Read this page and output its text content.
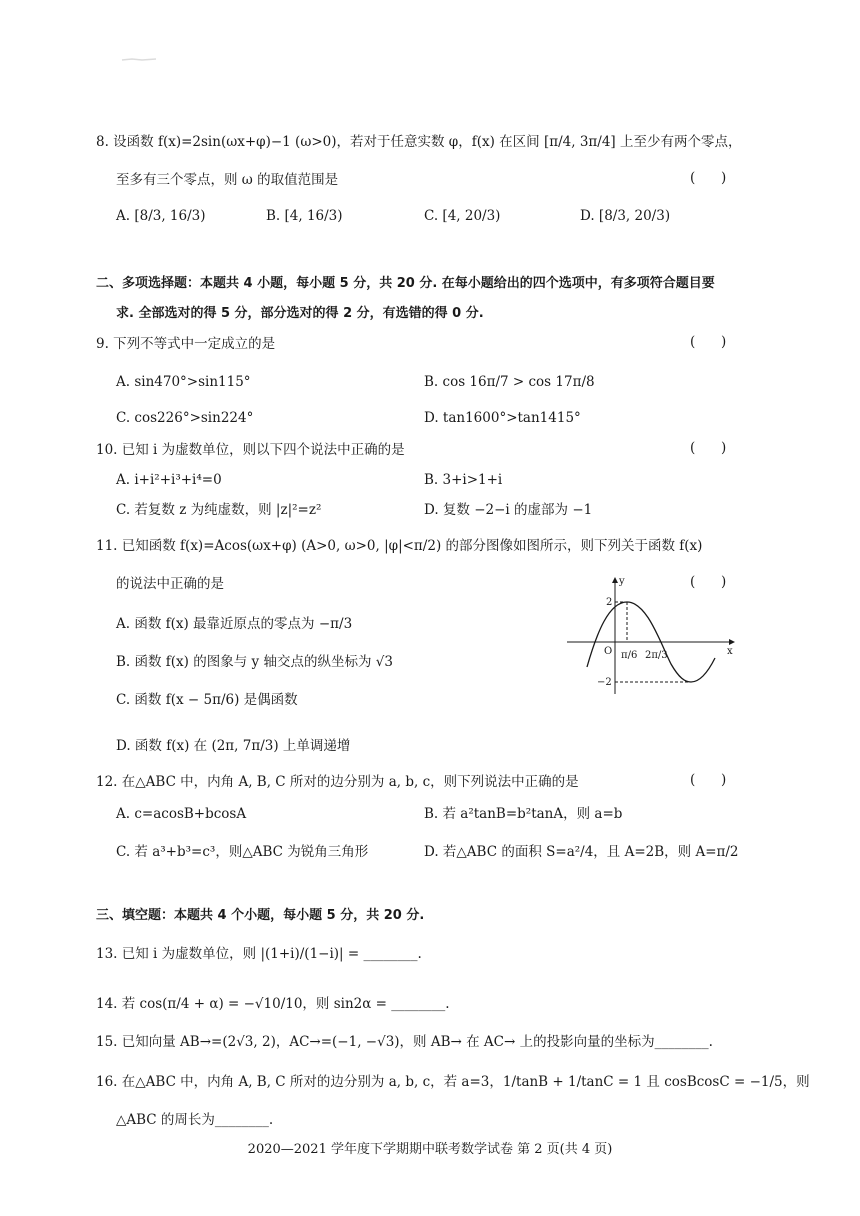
8. 设函数 f(x)=2sin(ωx+φ)−1 (ω>0)，若对于任意实数 φ，f(x) 在区间 [π/4, 3π/4] 上至少有两个零点，
至多有三个零点，则 ω 的取值范围是	(      )
A. [8/3, 16/3)	B. [4, 16/3)	C. [4, 20/3)	D. [8/3, 20/3)
二、多项选择题：本题共 4 小题，每小题 5 分，共 20 分. 在每小题给出的四个选项中，有多项符合题目要
求. 全部选对的得 5 分，部分选对的得 2 分，有选错的得 0 分.
9. 下列不等式中一定成立的是	(      )
A. sin470°>sin115°	B. cos 16π/7 > cos 17π/8
C. cos226°>sin224°	D. tan1600°>tan1415°
10. 已知 i 为虚数单位，则以下四个说法中正确的是	(      )
A. i+i²+i³+i⁴=0	B. 3+i>1+i
C. 若复数 z 为纯虚数，则 |z|²=z²	D. 复数 −2−i 的虚部为 −1
11. 已知函数 f(x)=Acos(ωx+φ) (A>0, ω>0, |φ|<π/2) 的部分图像如图所示，则下列关于函数 f(x)
的说法中正确的是	(      )
A. 函数 f(x) 最靠近原点的零点为 −π/3
B. 函数 f(x) 的图象与 y 轴交点的纵坐标为 √3
C. 函数 f(x − 5π/6) 是偶函数
D. 函数 f(x) 在 (2π, 7π/3) 上单调递增
y
x
O
2
−2
π/6 2π/3
12. 在△ABC 中，内角 A, B, C 所对的边分别为 a, b, c，则下列说法中正确的是	(      )
A. c=acosB+bcosA	B. 若 a²tanB=b²tanA，则 a=b
C. 若 a³+b³=c³，则△ABC 为锐角三角形	D. 若△ABC 的面积 S=a²/4，且 A=2B，则 A=π/2
三、填空题：本题共 4 个小题，每小题 5 分，共 20 分.
13. 已知 i 为虚数单位，则 |(1+i)/(1−i)| = ________.
14. 若 cos(π/4 + α) = −√10/10，则 sin2α = ________.
15. 已知向量 AB→=(2√3, 2)，AC→=(−1, −√3)，则 AB→ 在 AC→ 上的投影向量的坐标为________.
16. 在△ABC 中，内角 A, B, C 所对的边分别为 a, b, c，若 a=3，1/tanB + 1/tanC = 1 且 cosBcosC = −1/5，则
△ABC 的周长为________.
2020—2021 学年度下学期期中联考数学试卷 第 2 页(共 4 页)
